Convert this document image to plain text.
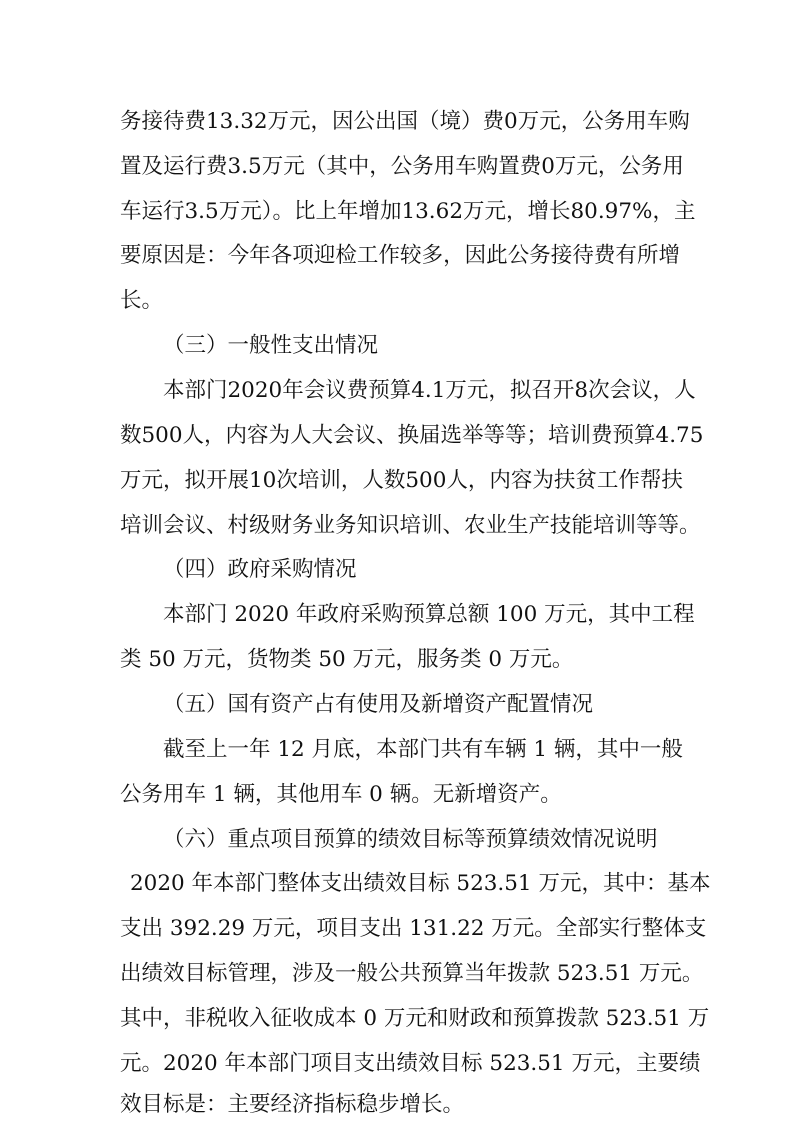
务接待费13.32万元，因公出国（境）费0万元，公务用车购
置及运行费3.5万元（其中，公务用车购置费0万元，公务用
车运行3.5万元）。比上年增加13.62万元，增长80.97%，主
要原因是：今年各项迎检工作较多，因此公务接待费有所增
长。
（三）一般性支出情况
本部门2020年会议费预算4.1万元，拟召开8次会议，人
数500人，内容为人大会议、换届选举等等；培训费预算4.75
万元，拟开展10次培训，人数500人，内容为扶贫工作帮扶
培训会议、村级财务业务知识培训、农业生产技能培训等等。
（四）政府采购情况
本部门 2020 年政府采购预算总额 100 万元，其中工程
类 50 万元，货物类 50 万元，服务类 0 万元。
（五）国有资产占有使用及新增资产配置情况
截至上一年 12 月底，本部门共有车辆 1 辆，其中一般
公务用车 1 辆，其他用车 0 辆。无新增资产。
（六）重点项目预算的绩效目标等预算绩效情况说明
2020 年本部门整体支出绩效目标 523.51 万元，其中：基本
支出 392.29 万元，项目支出 131.22 万元。全部实行整体支
出绩效目标管理，涉及一般公共预算当年拨款 523.51 万元。
其中，非税收入征收成本 0 万元和财政和预算拨款 523.51 万
元。2020 年本部门项目支出绩效目标 523.51 万元，主要绩
效目标是：主要经济指标稳步增长。
